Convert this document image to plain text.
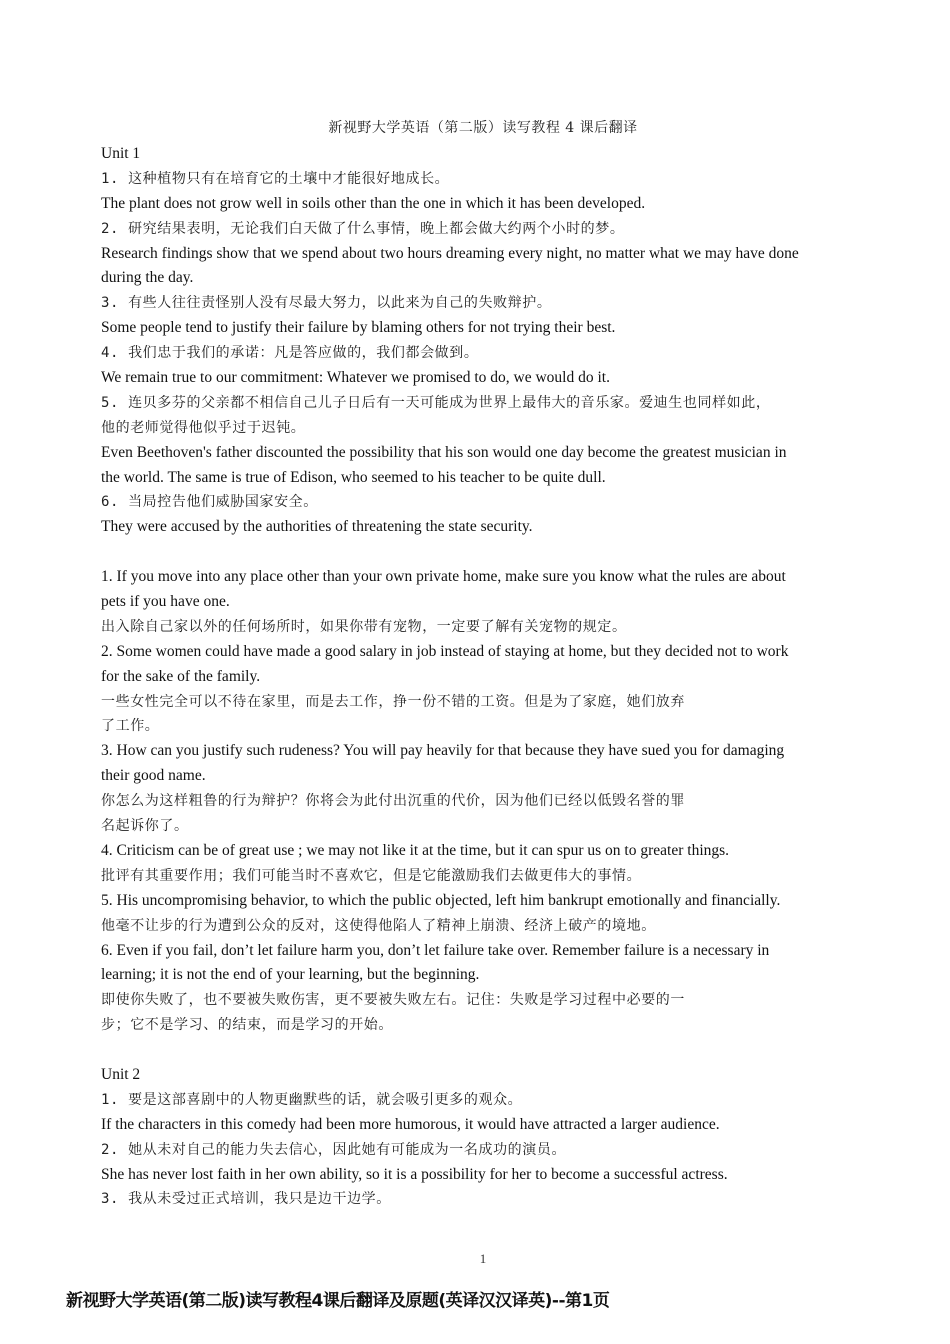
新视野大学英语（第二版）读写教程 4 课后翻译
Unit 1
1. 这种植物只有在培育它的土壤中才能很好地成长。
The plant does not grow well in soils other than the one in which it has been developed.
2. 研究结果表明，无论我们白天做了什么事情，晚上都会做大约两个小时的梦。
Research findings show that we spend about two hours dreaming every night, no matter what we may have done
during the day.
3. 有些人往往责怪别人没有尽最大努力，以此来为自己的失败辩护。
Some people tend to justify their failure by blaming others for not trying their best.
4. 我们忠于我们的承诺：凡是答应做的，我们都会做到。
We remain true to our commitment: Whatever we promised to do, we would do it.
5. 连贝多芬的父亲都不相信自己儿子日后有一天可能成为世界上最伟大的音乐家。爱迪生也同样如此，
他的老师觉得他似乎过于迟钝。
Even Beethoven's father discounted the possibility that his son would one day become the greatest musician in
the world. The same is true of Edison, who seemed to his teacher to be quite dull.
6. 当局控告他们威胁国家安全。
They were accused by the authorities of threatening the state security.
1. If you move into any place other than your own private home, make sure you know what the rules are about
pets if you have one.
出入除自己家以外的任何场所时，如果你带有宠物，一定要了解有关宠物的规定。
2. Some women could have made a good salary in job instead of staying at home, but they decided not to work
for the sake of the family.
一些女性完全可以不待在家里，而是去工作，挣一份不错的工资。但是为了家庭，她们放弃
了工作。
3. How can you justify such rudeness? You will pay heavily for that because they have sued you for damaging
their good name.
你怎么为这样粗鲁的行为辩护？你将会为此付出沉重的代价，因为他们已经以低毁名誉的罪
名起诉你了。
4. Criticism can be of great use ; we may not like it at the time, but it can spur us on to greater things.
批评有其重要作用；我们可能当时不喜欢它，但是它能激励我们去做更伟大的事情。
5. His uncompromising behavior, to which the public objected, left him bankrupt emotionally and financially.
他毫不让步的行为遭到公众的反对，这使得他陷人了精神上崩溃、经济上破产的境地。
6. Even if you fail, don’t let failure harm you, don’t let failure take over. Remember failure is a necessary in
learning; it is not the end of your learning, but the beginning.
即使你失败了，也不要被失败伤害，更不要被失败左右。记住：失败是学习过程中必要的一
步；它不是学习、的结束，而是学习的开始。
Unit 2
1. 要是这部喜剧中的人物更幽默些的话，就会吸引更多的观众。
If the characters in this comedy had been more humorous, it would have attracted a larger audience.
2. 她从未对自己的能力失去信心，因此她有可能成为一名成功的演员。
She has never lost faith in her own ability, so it is a possibility for her to become a successful actress.
3. 我从未受过正式培训，我只是边干边学。
1
新视野大学英语(第二版)读写教程4课后翻译及原题(英译汉汉译英)--第1页
